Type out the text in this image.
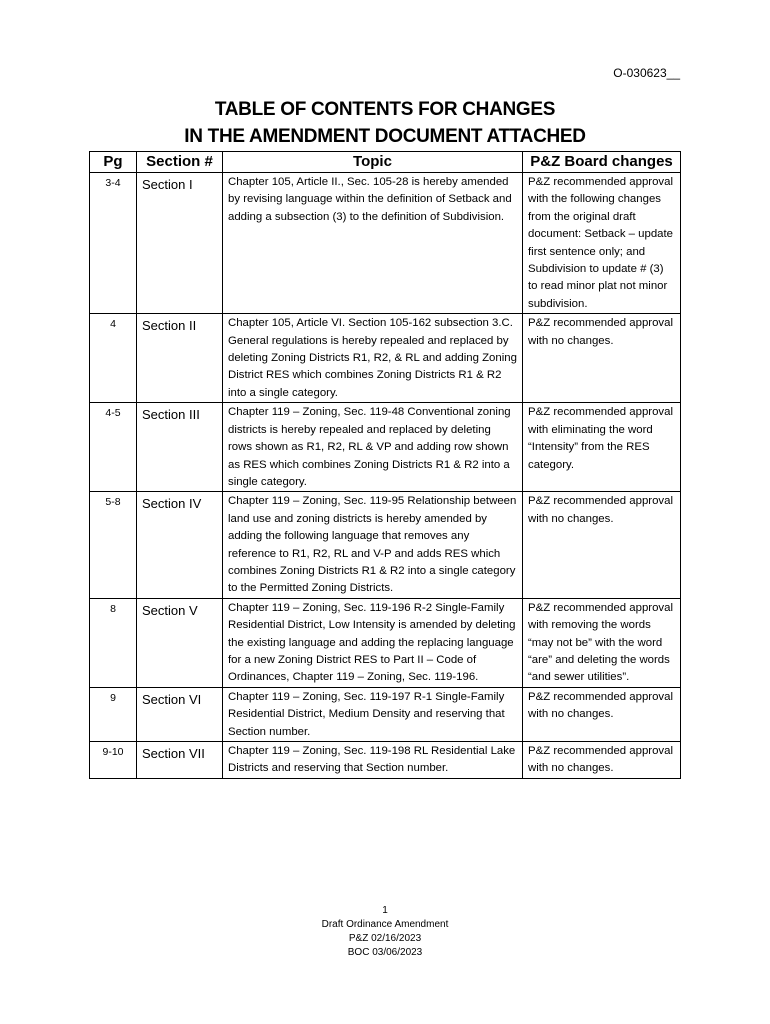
O-030623__
TABLE OF CONTENTS FOR CHANGES
IN THE AMENDMENT DOCUMENT ATTACHED
Pg	Section #	Topic	P&Z Board changes
3-4	Section I	Chapter 105, Article II., Sec. 105-28 is hereby amended by revising language within the definition of Setback and adding a subsection (3) to the definition of Subdivision.	P&Z recommended approval with the following changes from the original draft document: Setback – update first sentence only; and Subdivision to update # (3) to read minor plat not minor subdivision.
4	Section II	Chapter 105, Article VI. Section 105-162 subsection 3.C. General regulations is hereby repealed and replaced by deleting Zoning Districts R1, R2, & RL and adding Zoning District RES which combines Zoning Districts R1 & R2 into a single category.	P&Z recommended approval with no changes.
4-5	Section III	Chapter 119 – Zoning, Sec. 119-48 Conventional zoning districts is hereby repealed and replaced by deleting rows shown as R1, R2, RL & VP and adding row shown as RES which combines Zoning Districts R1 & R2 into a single category.	P&Z recommended approval with eliminating the word “Intensity” from the RES category.
5-8	Section IV	Chapter 119 – Zoning, Sec. 119-95 Relationship between land use and zoning districts is hereby amended by adding the following language that removes any reference to R1, R2, RL and V-P and adds RES which combines Zoning Districts R1 & R2 into a single category to the Permitted Zoning Districts.	P&Z recommended approval with no changes.
8	Section V	Chapter 119 – Zoning, Sec. 119-196 R-2 Single-Family Residential District, Low Intensity is amended by deleting the existing language and adding the replacing language for a new Zoning District RES to Part II – Code of Ordinances, Chapter 119 – Zoning, Sec. 119-196.	P&Z recommended approval with removing the words “may not be” with the word “are” and deleting the words “and sewer utilities”.
9	Section VI	Chapter 119 – Zoning, Sec. 119-197 R-1 Single-Family Residential District, Medium Density and reserving that Section number.	P&Z recommended approval with no changes.
9-10	Section VII	Chapter 119 – Zoning, Sec. 119-198 RL Residential Lake Districts and reserving that Section number.	P&Z recommended approval with no changes.
1
Draft Ordinance Amendment
P&Z 02/16/2023
BOC 03/06/2023
